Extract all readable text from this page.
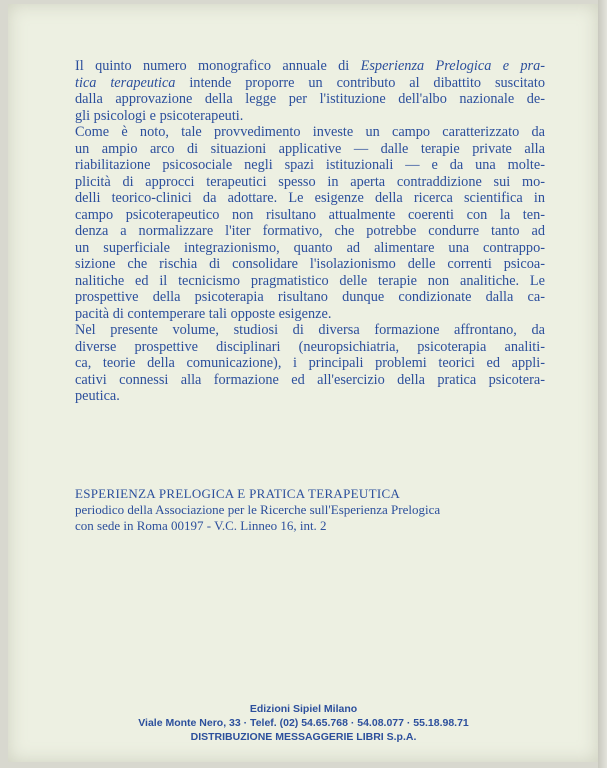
Il quinto numero monografico annuale di Esperienza Prelogica e pra-
tica terapeutica intende proporre un contributo al dibattito suscitato
dalla approvazione della legge per l'istituzione dell'albo nazionale de-
gli psicologi e psicoterapeuti.
Come è noto, tale provvedimento investe un campo caratterizzato da
un ampio arco di situazioni applicative — dalle terapie private alla
riabilitazione psicosociale negli spazi istituzionali — e da una molte-
plicità di approcci terapeutici spesso in aperta contraddizione sui mo-
delli teorico-clinici da adottare. Le esigenze della ricerca scientifica in
campo psicoterapeutico non risultano attualmente coerenti con la ten-
denza a normalizzare l'iter formativo, che potrebbe condurre tanto ad
un superficiale integrazionismo, quanto ad alimentare una contrappo-
sizione che rischia di consolidare l'isolazionismo delle correnti psicoa-
nalitiche ed il tecnicismo pragmatistico delle terapie non analitiche. Le
prospettive della psicoterapia risultano dunque condizionate dalla ca-
pacità di contemperare tali opposte esigenze.
Nel presente volume, studiosi di diversa formazione affrontano, da
diverse prospettive disciplinari (neuropsichiatria, psicoterapia analiti-
ca, teorie della comunicazione), i principali problemi teorici ed appli-
cativi connessi alla formazione ed all'esercizio della pratica psicotera-
peutica.
ESPERIENZA PRELOGICA E PRATICA TERAPEUTICA
periodico della Associazione per le Ricerche sull'Esperienza Prelogica
con sede in Roma 00197 - V.C. Linneo 16, int. 2
Edizioni Sipiel Milano
Viale Monte Nero, 33 · Telef. (02) 54.65.768 · 54.08.077 · 55.18.98.71
DISTRIBUZIONE MESSAGGERIE LIBRI S.p.A.
